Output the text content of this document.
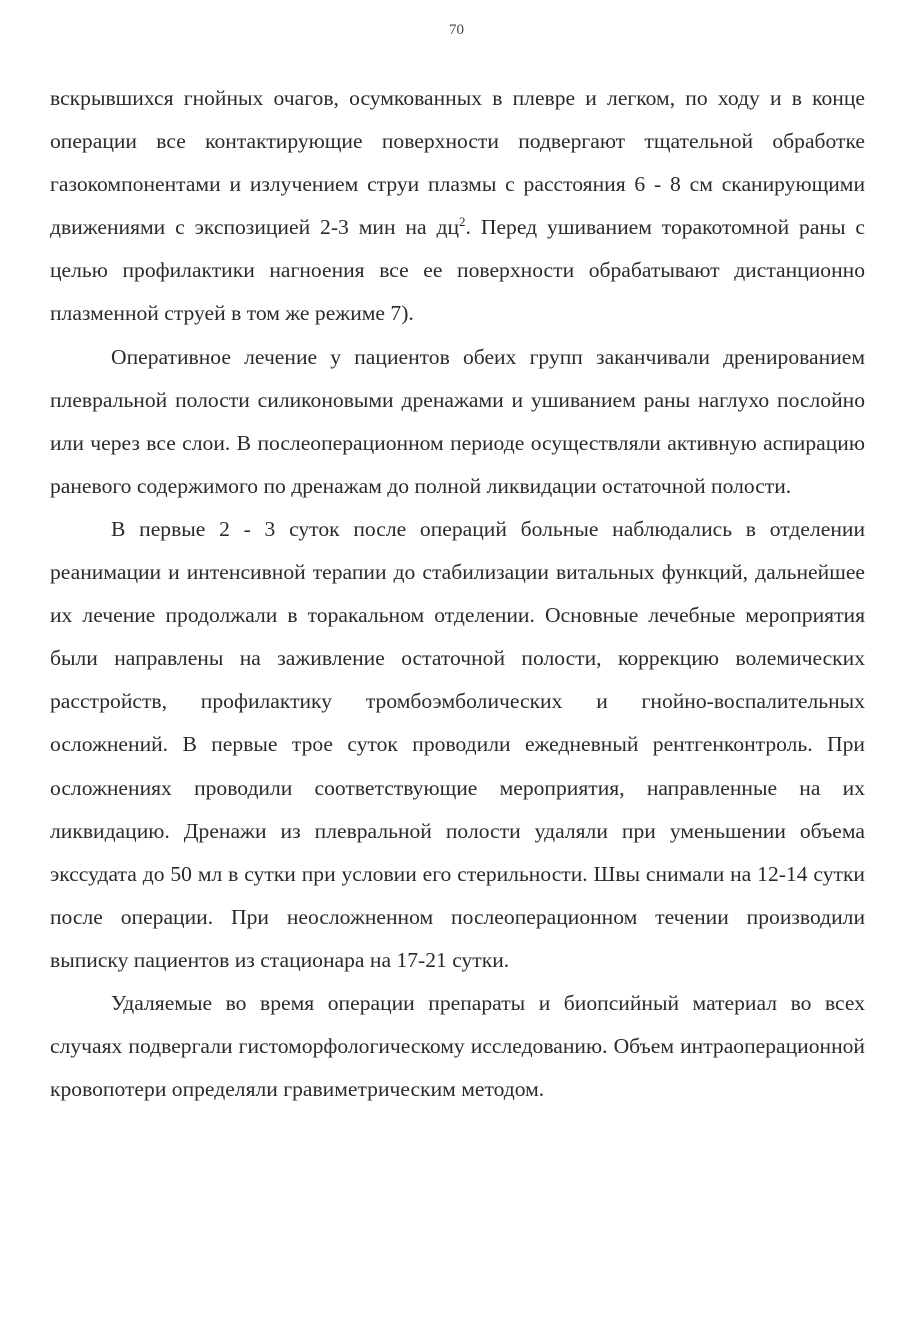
70

вскрывшихся гнойных очагов, осумкованных в плевре и легком, по ходу и в конце операции все контактирующие поверхности подвергают тщательной обработке газокомпонентами и излучением струи плазмы с расстояния 6 - 8 см сканирующими движениями с экспозицией 2-3 мин на $дц^2$. Перед ушиванием торакотомной раны с целью профилактики нагноения все ее поверхности обрабатывают дистанционно плазменной струей в том же режиме 7).

Оперативное лечение у пациентов обеих групп заканчивали дренированием плевральной полости силиконовыми дренажами и ушиванием раны наглухо послойно или через все слои. В послеоперационном периоде осуществляли активную аспирацию раневого содержимого по дренажам до полной ликвидации остаточной полости.

В первые 2 - 3 суток после операций больные наблюдались в отделении реанимации и интенсивной терапии до стабилизации витальных функций, дальнейшее их лечение продолжали в торакальном отделении. Основные лечебные мероприятия были направлены на заживление остаточной полости, коррекцию волемических расстройств, профилактику тромбоэмболических и гнойно-воспалительных осложнений. В первые трое суток проводили ежедневный рентгенконтроль. При осложнениях проводили соответствующие мероприятия, направленные на их ликвидацию. Дренажи из плевральной полости удаляли при уменьшении объема экссудата до 50 мл в сутки при условии его стерильности. Швы снимали на 12-14 сутки после операции. При неосложненном послеоперационном течении производили выписку пациентов из стационара на 17-21 сутки.

Удаляемые во время операции препараты и биопсийный материал во всех случаях подвергали гистоморфологическому исследованию. Объем интраоперационной кровопотери определяли гравиметрическим методом.
